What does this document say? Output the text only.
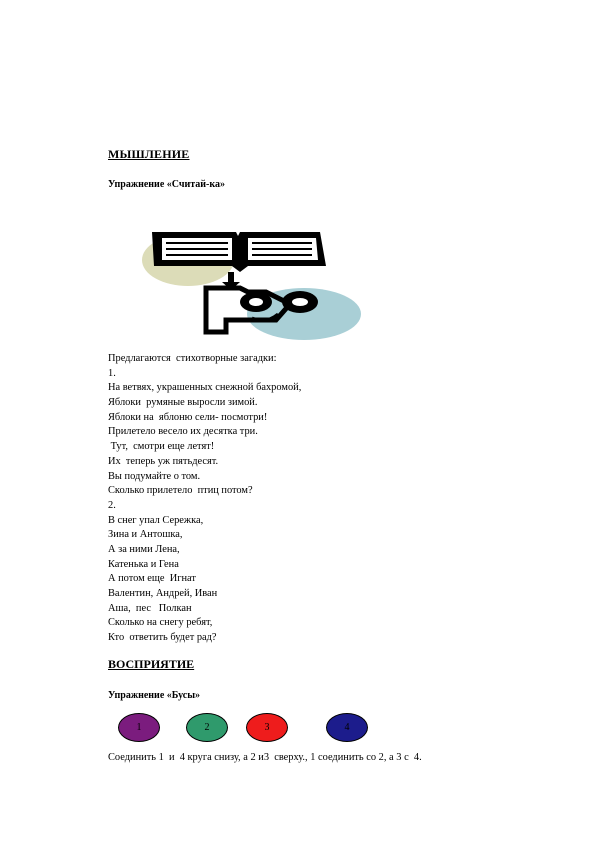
МЫШЛЕНИЕ
Упражнение «Считай-ка»
Предлагаются  стихотворные загадки:
1.
На ветвях, украшенных снежной бахромой,
Яблоки  румяные выросли зимой.
Яблоки на  яблоню сели- посмотри!
Прилетело весело их десятка три.
Тут,  смотри еще летят!
Их  теперь уж пятьдесят.
Вы подумайте о том.
Сколько прилетело  птиц потом?
2.
В снег упал Сережка,
Зина и Антошка,
А за ними Лена,
Катенька и Гена
А потом еще  Игнат
Валентин, Андрей, Иван
Аша,  пес   Полкан
Сколько на снегу ребят,
Кто  ответить будет рад?
ВОСПРИЯТИЕ
Упражнение «Бусы»
1	2	3	4
Соединить 1  и  4 круга снизу, а 2 и3  сверху., 1 соединить со 2, а 3 с  4.
